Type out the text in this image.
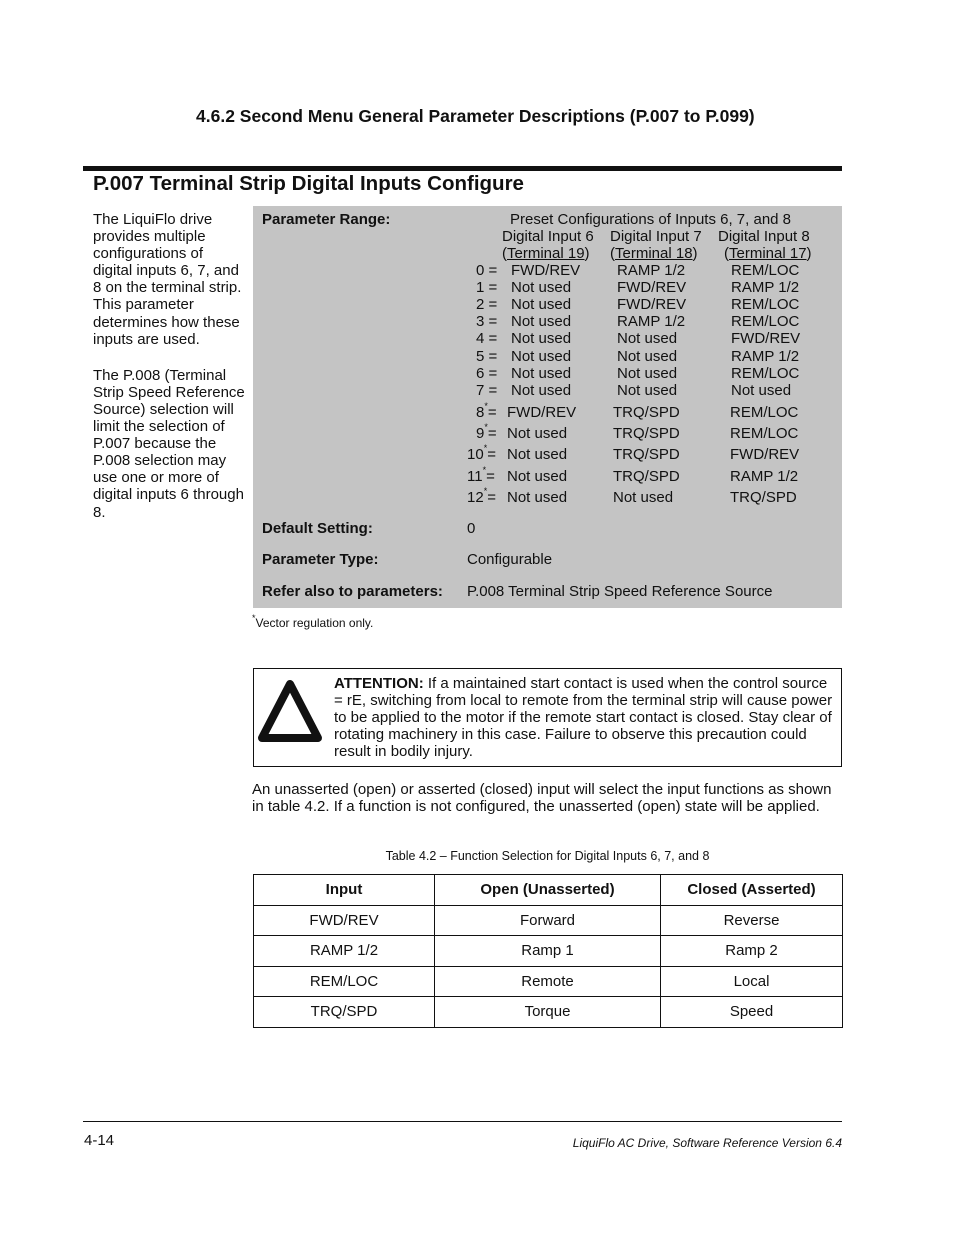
4.6.2 Second Menu General Parameter Descriptions (P.007 to P.099)
P.007 Terminal Strip Digital Inputs Configure

The LiquiFlo drive provides multiple configurations of digital inputs 6, 7, and 8 on the terminal strip. This parameter determines how these inputs are used.

The P.008 (Terminal Strip Speed Reference Source) selection will limit the selection of P.007 because the P.008 selection may use one or more of digital inputs 6 through 8.

Parameter Range:	Preset Configurations of Inputs 6, 7, and 8
Digital Input 6 Digital Input 7 Digital Input 8
(Terminal 19) (Terminal 18) (Terminal 17)
0 = FWD/REV RAMP 1/2	REM/LOC
1 = Not used	FWD/REV	RAMP 1/2
2 = Not used	FWD/REV	REM/LOC
3 = Not used	RAMP 1/2	REM/LOC
4 = Not used	Not used	FWD/REV
5 = Not used	Not used	RAMP 1/2
6 = Not used	Not used	REM/LOC
7 = Not used	Not used	Not used
8*= FWD/REV TRQ/SPD	REM/LOC
9*= Not used	TRQ/SPD	REM/LOC
10*= Not used	TRQ/SPD	FWD/REV
11*= Not used	TRQ/SPD	RAMP 1/2
12*= Not used	Not used	TRQ/SPD
Default Setting:	0
Parameter Type:	Configurable
Refer also to parameters: P.008 Terminal Strip Speed Reference Source
*Vector regulation only.
ATTENTION: If a maintained start contact is used when the control source = rE, switching from local to remote from the terminal strip will cause power to be applied to the motor if the remote start contact is closed. Stay clear of rotating machinery in this case. Failure to observe this precaution could result in bodily injury.
An unasserted (open) or asserted (closed) input will select the input functions as shown in table 4.2. If a function is not configured, the unasserted (open) state will be applied.
Table 4.2 – Function Selection for Digital Inputs 6, 7, and 8
Input	Open (Unasserted)	Closed (Asserted)
FWD/REV	Forward	Reverse
RAMP 1/2	Ramp 1	Ramp 2
REM/LOC	Remote	Local
TRQ/SPD	Torque	Speed
4-14	LiquiFlo AC Drive, Software Reference Version 6.4
